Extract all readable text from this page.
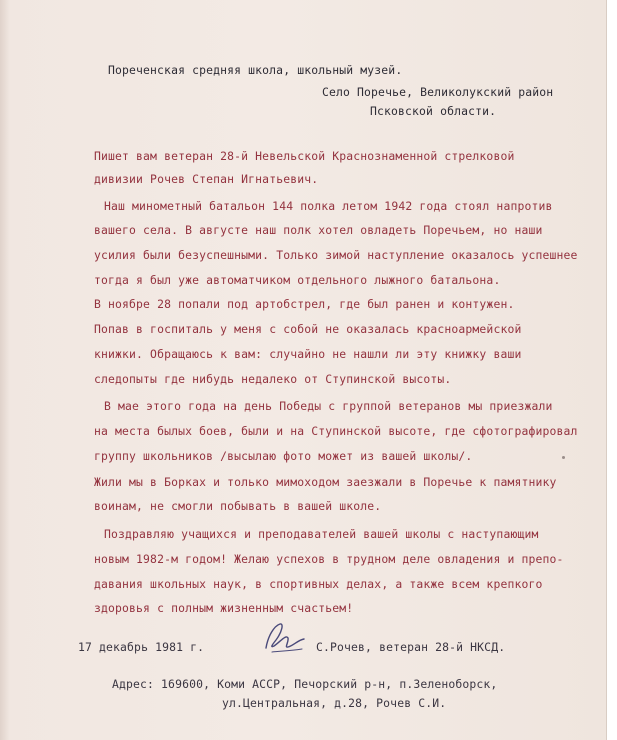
Пореченская средняя школа, школьный музей.
Село Поречье, Великолукский район
Псковской области.
Пишет вам ветеран 28-й Невельской Краснознаменной стрелковой
дивизии Рочев Степан Игнатьевич.
Наш минометный батальон 144 полка летом 1942 года стоял напротив
вашего села. В августе наш полк хотел овладеть Поречьем, но наши
усилия были безуспешными. Только зимой наступление оказалось успешнее
тогда я был уже автоматчиком отдельного лыжного батальона.
В ноябре 28 попали под артобстрел, где был ранен и контужен.
Попав в госпиталь у меня с собой не оказалась красноармейской
книжки. Обращаюсь к вам: случайно не нашли ли эту книжку ваши
следопыты где нибудь недалеко от Ступинской высоты.
В мае этого года на день Победы с группой ветеранов мы приезжали
на места былых боев, были и на Ступинской высоте, где сфотографировал
группу школьников /высылаю фото может из вашей школы/.
Жили мы в Борках и только мимоходом заезжали в Поречье к памятнику
воинам, не смогли побывать в вашей школе.
Поздравляю учащихся и преподавателей вашей школы с наступающим
новым 1982-м годом! Желаю успехов в трудном деле овладения и препо-
давания школьных наук, в спортивных делах, а также всем крепкого
здоровья с полным жизненным счастьем!
17 декабрь 1981 г.	С.Рочев, ветеран 28-й НКСД.
Адрес: 169600, Коми АССР, Печорский р-н, п.Зеленоборск,
ул.Центральная, д.28, Рочев С.И.
